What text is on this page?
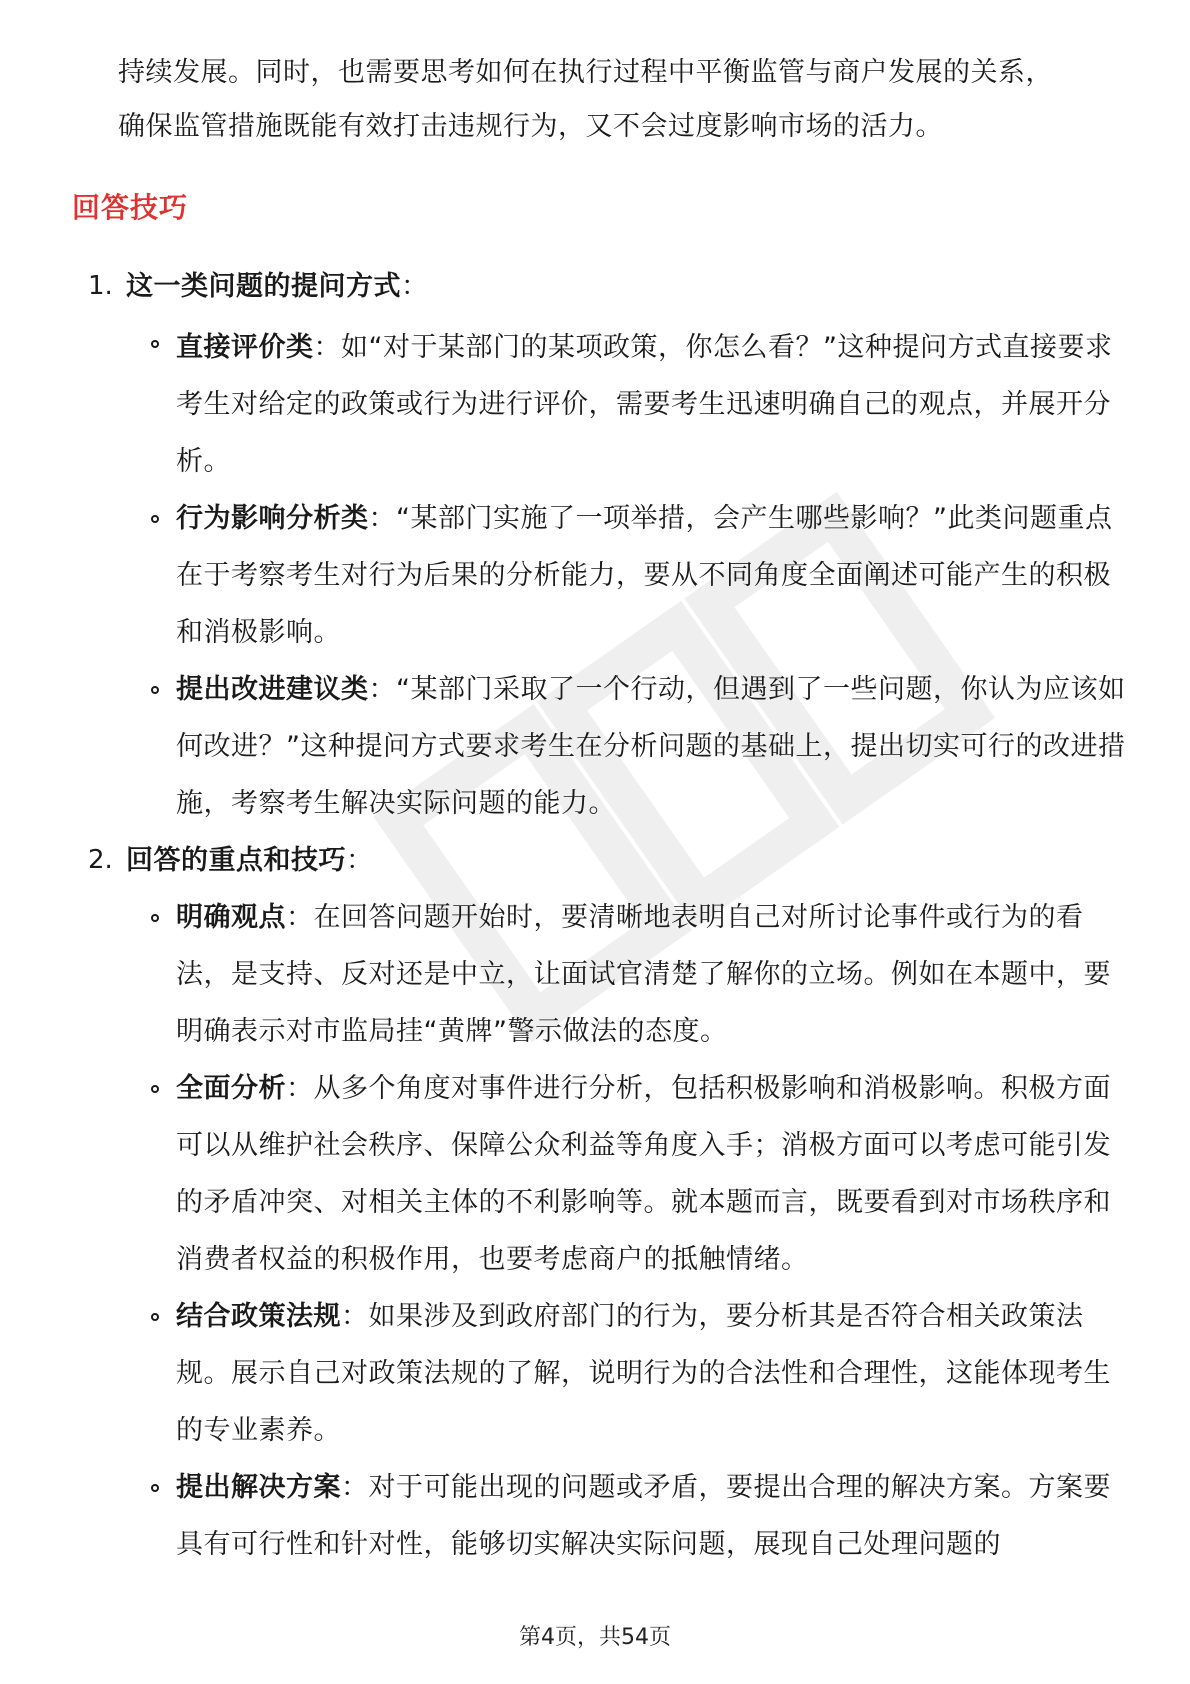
持续发展。同时，也需要思考如何在执行过程中平衡监管与商户发展的关系，

确保监管措施既能有效打击违规行为，又不会过度影响市场的活力。

回答技巧
1. 这一类问题的提问方式：

直接评价类：如“对于某部门的某项政策，你怎么看？”这种提问方式直接要求考生对给定的政策或行为进行评价，需要考生迅速明确自己的观点，并展开分析。

行为影响分析类：“某部门实施了一项举措，会产生哪些影响？”此类问题重点在于考察考生对行为后果的分析能力，要从不同角度全面阐述可能产生的积极和消极影响。

提出改进建议类：“某部门采取了一个行动，但遇到了一些问题，你认为应该如何改进？”这种提问方式要求考生在分析问题的基础上，提出切实可行的改进措施，考察考生解决实际问题的能力。

2. 回答的重点和技巧：

明确观点：在回答问题开始时，要清晰地表明自己对所讨论事件或行为的看法，是支持、反对还是中立，让面试官清楚了解你的立场。例如在本题中，要明确表示对市监局挂“黄牌”警示做法的态度。

全面分析：从多个角度对事件进行分析，包括积极影响和消极影响。积极方面可以从维护社会秩序、保障公众利益等角度入手；消极方面可以考虑可能引发的矛盾冲突、对相关主体的不利影响等。就本题而言，既要看到对市场秩序和消费者权益的积极作用，也要考虑商户的抵触情绪。

结合政策法规：如果涉及到政府部门的行为，要分析其是否符合相关政策法规。展示自己对政策法规的了解，说明行为的合法性和合理性，这能体现考生的专业素养。

提出解决方案：对于可能出现的问题或矛盾，要提出合理的解决方案。方案要具有可行性和针对性，能够切实解决实际问题，展现自己处理问题的

第4页，共54页
